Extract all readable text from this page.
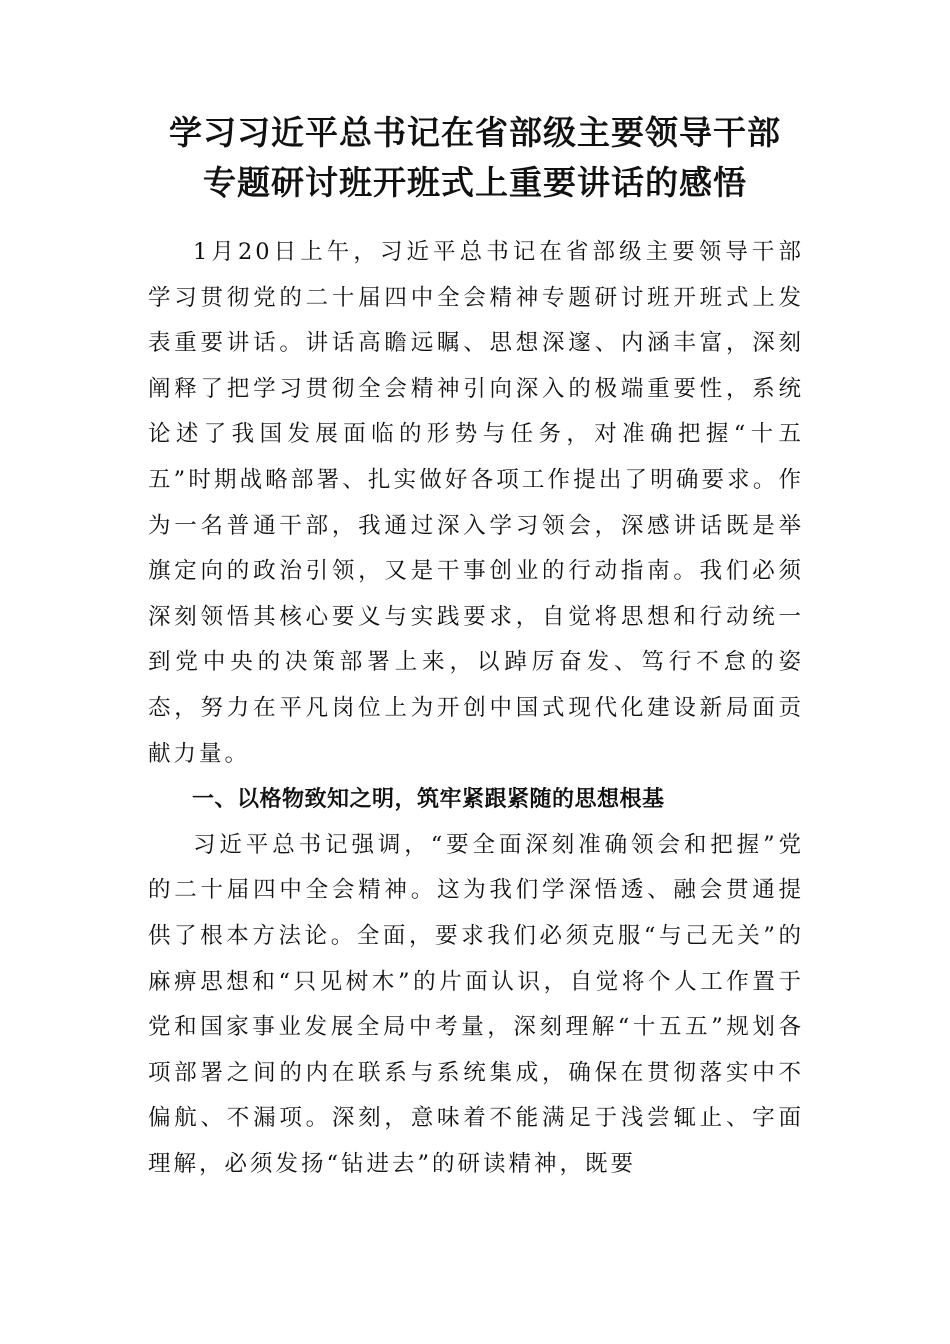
学习习近平总书记在省部级主要领导干部
专题研讨班开班式上重要讲话的感悟

1月20日上午，习近平总书记在省部级主要领导干部学习贯彻党的二十届四中全会精神专题研讨班开班式上发表重要讲话。讲话高瞻远瞩、思想深邃、内涵丰富，深刻阐释了把学习贯彻全会精神引向深入的极端重要性，系统论述了我国发展面临的形势与任务，对准确把握“十五五”时期战略部署、扎实做好各项工作提出了明确要求。作为一名普通干部，我通过深入学习领会，深感讲话既是举旗定向的政治引领，又是干事创业的行动指南。我们必须深刻领悟其核心要义与实践要求，自觉将思想和行动统一到党中央的决策部署上来，以踔厉奋发、笃行不怠的姿态，努力在平凡岗位上为开创中国式现代化建设新局面贡献力量。

一、以格物致知之明，筑牢紧跟紧随的思想根基

习近平总书记强调，“要全面深刻准确领会和把握”党的二十届四中全会精神。这为我们学深悟透、融会贯通提供了根本方法论。全面，要求我们必须克服“与己无关”的麻痹思想和“只见树木”的片面认识，自觉将个人工作置于党和国家事业发展全局中考量，深刻理解“十五五”规划各项部署之间的内在联系与系统集成，确保在贯彻落实中不偏航、不漏项。深刻，意味着不能满足于浅尝辄止、字面理解，必须发扬“钻进去”的研读精神，既要
